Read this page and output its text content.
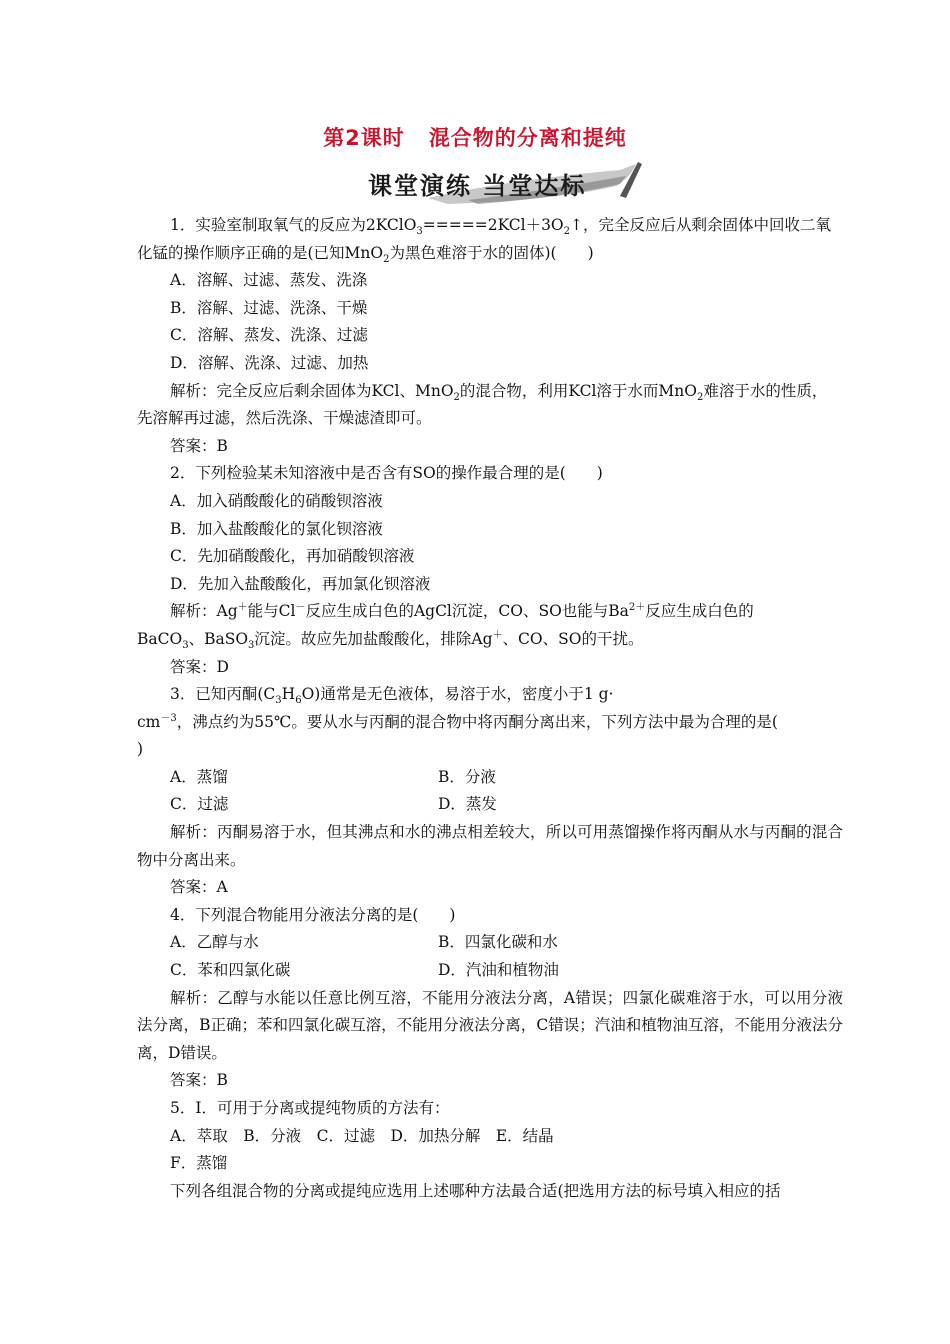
第2课时 混合物的分离和提纯
课堂演练 当堂达标

1．实验室制取氧气的反应为$2KClO_3=====2KCl+3O_2↑$，完全反应后从剩余固体中回收二氧

化锰的操作顺序正确的是(已知MnO$_2$为黑色难溶于水的固体)(　　)

A．溶解、过滤、蒸发、洗涤

B．溶解、过滤、洗涤、干燥

C．溶解、蒸发、洗涤、过滤

D．溶解、洗涤、过滤、加热

解析：完全反应后剩余固体为KCl、MnO$_2$的混合物，利用KCl溶于水而MnO$_2$难溶于水的性质，

先溶解再过滤，然后洗涤、干燥滤渣即可。

答案：B

2．下列检验某未知溶液中是否含有SO的操作最合理的是(　　)

A．加入硝酸酸化的硝酸钡溶液

B．加入盐酸酸化的氯化钡溶液

C．先加硝酸酸化，再加硝酸钡溶液

D．先加入盐酸酸化，再加氯化钡溶液

解析：Ag＋能与Cl－反应生成白色的AgCl沉淀，CO、SO也能与$Ba^{2+}$反应生成白色的

BaCO$_3$、BaSO$_3$沉淀。故应先加盐酸酸化，排除Ag＋、CO、SO的干扰。

答案：D

3．已知丙酮$(C_3H_6O)$通常是无色液体，易溶于水，密度小于1 g·

$cm^{-3}$，沸点约为55℃。要从水与丙酮的混合物中将丙酮分离出来，下列方法中最为合理的是(

)

A．蒸馏	B．分液
C．过滤	D．蒸发

解析：丙酮易溶于水，但其沸点和水的沸点相差较大，所以可用蒸馏操作将丙酮从水与丙酮的混合物中分离出来。

答案：A

4．下列混合物能用分液法分离的是(　　)

A．乙醇与水	B．四氯化碳和水
C．苯和四氯化碳	D．汽油和植物油

解析：乙醇与水能以任意比例互溶，不能用分液法分离，A错误；四氯化碳难溶于水，可以用分液法分离，B正确；苯和四氯化碳互溶，不能用分液法分离，C错误；汽油和植物油互溶，不能用分液法分离，D错误。

答案：B

5．Ⅰ．可用于分离或提纯物质的方法有：

A．萃取　B．分液　C．过滤　D．加热分解　E．结晶

F．蒸馏

下列各组混合物的分离或提纯应选用上述哪种方法最合适(把选用方法的标号填入相应的括
